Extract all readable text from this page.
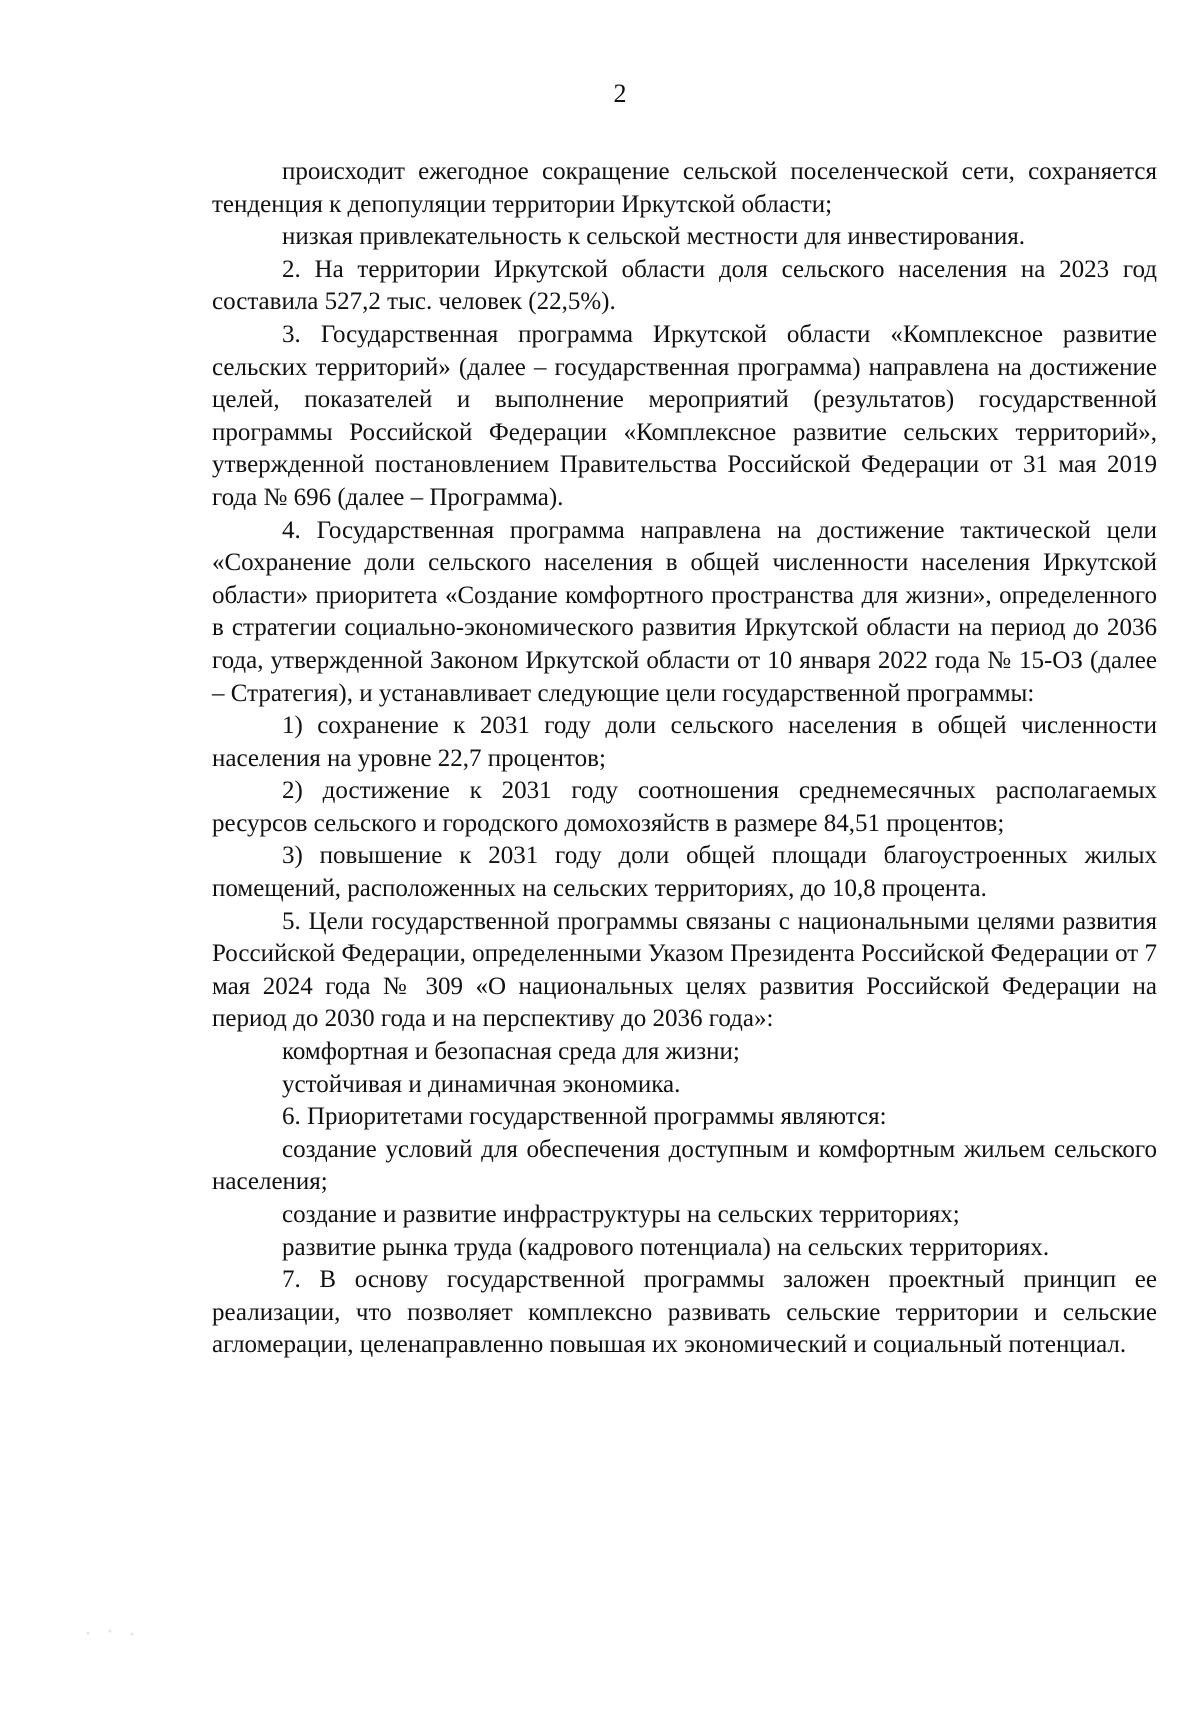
2

происходит ежегодное сокращение сельской поселенческой сети, сохраняется тенденция к депопуляции территории Иркутской области;

низкая привлекательность к сельской местности для инвестирования.

2. На территории Иркутской области доля сельского населения на 2023 год составила 527,2 тыс. человек (22,5%).

3. Государственная программа Иркутской области «Комплексное развитие сельских территорий» (далее – государственная программа) направлена на достижение целей, показателей и выполнение мероприятий (результатов) государственной программы Российской Федерации «Комплексное развитие сельских территорий», утвержденной постановлением Правительства Российской Федерации от 31 мая 2019 года № 696 (далее – Программа).

4. Государственная программа направлена на достижение тактической цели «Сохранение доли сельского населения в общей численности населения Иркутской области» приоритета «Создание комфортного пространства для жизни», определенного в стратегии социально-экономического развития Иркутской области на период до 2036 года, утвержденной Законом Иркутской области от 10 января 2022 года № 15-ОЗ (далее – Стратегия), и устанавливает следующие цели государственной программы:

1) сохранение к 2031 году доли сельского населения в общей численности населения на уровне 22,7 процентов;

2) достижение к 2031 году соотношения среднемесячных располагаемых ресурсов сельского и городского домохозяйств в размере 84,51 процентов;

3) повышение к 2031 году доли общей площади благоустроенных жилых помещений, расположенных на сельских территориях, до 10,8 процента.

5. Цели государственной программы связаны с национальными целями развития Российской Федерации, определенными Указом Президента Российской Федерации от 7 мая 2024 года № 309 «О национальных целях развития Российской Федерации на период до 2030 года и на перспективу до 2036 года»:

комфортная и безопасная среда для жизни;

устойчивая и динамичная экономика.

6. Приоритетами государственной программы являются:

создание условий для обеспечения доступным и комфортным жильем сельского населения;

создание и развитие инфраструктуры на сельских территориях;

развитие рынка труда (кадрового потенциала) на сельских территориях.

7. В основу государственной программы заложен проектный принцип ее реализации, что позволяет комплексно развивать сельские территории и сельские агломерации, целенаправленно повышая их экономический и социальный потенциал.
